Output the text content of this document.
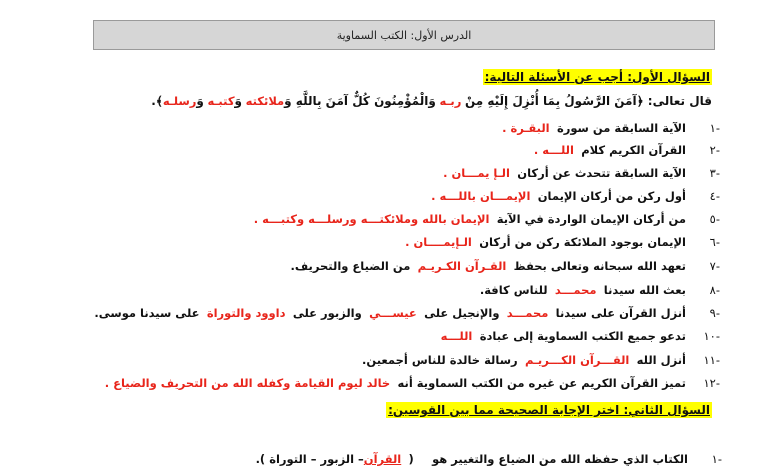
الدرس الأول: الكتب السماوية
السؤال الأول: أجب عن الأسئلة التالية:
قال تعالى: ﴿آمَنَ الرَّسُولُ بِمَا أُنْزِلَ إِلَيْهِ مِنْ

ربـه

وَالْمُؤْمِنُونَ كُلٌّ آمَنَ بِاللَّهِ وَ
ملائكته

وَ
كتبـه

وَ
رسلـه
﴾.
-١
الآية السابقة من سورة

البقـرة .
-٢
القرآن الكريم كلام

اللـــه .
-٣
الآية السابقة تتحدث عن أركان

الـإ يمـــان .
-٤
أول ركن من أركان الإيمان

الإيمـــان باللـــه .
-٥
من أركان الإيمان الواردة في الآية

الإيمان بالله وملائكتـــه ورسلـــه وكتبـــه .
-٦
الإيمان بوجود الملائكة ركن من أركان

الـإيمــــان .
-٧
تعهد الله سبحانه وتعالى بحفظ

القـرآن الكـريـم

من الضياع والتحريف.
-٨
بعث الله سيدنا

محمـــد

للناس كافة.
-٩
أنزل القرآن على سيدنا

محمـــد

والإنجيل على

عيســـي

والزبور على

داوود والتوراة

على سيدنا موسى.
-١٠
تدعو جميع الكتب السماوية إلى عبادة

اللـــه
-١١
أنزل الله

القـــرآن الكـــريـم

رسالة خالدة للناس أجمعين.
-١٢
تميز القرآن الكريم عن غيره من الكتب السماوية أنه

خالد ليوم القيامة وكفله الله من التحريف والضياع .
السؤال الثاني: اختر الإجابة الصحيحة مما بين القوسين:
-١
الكتاب الذي حفظه الله من الضياع والتغيير هو

(

القرآن
– الزبور – التوراة ).
